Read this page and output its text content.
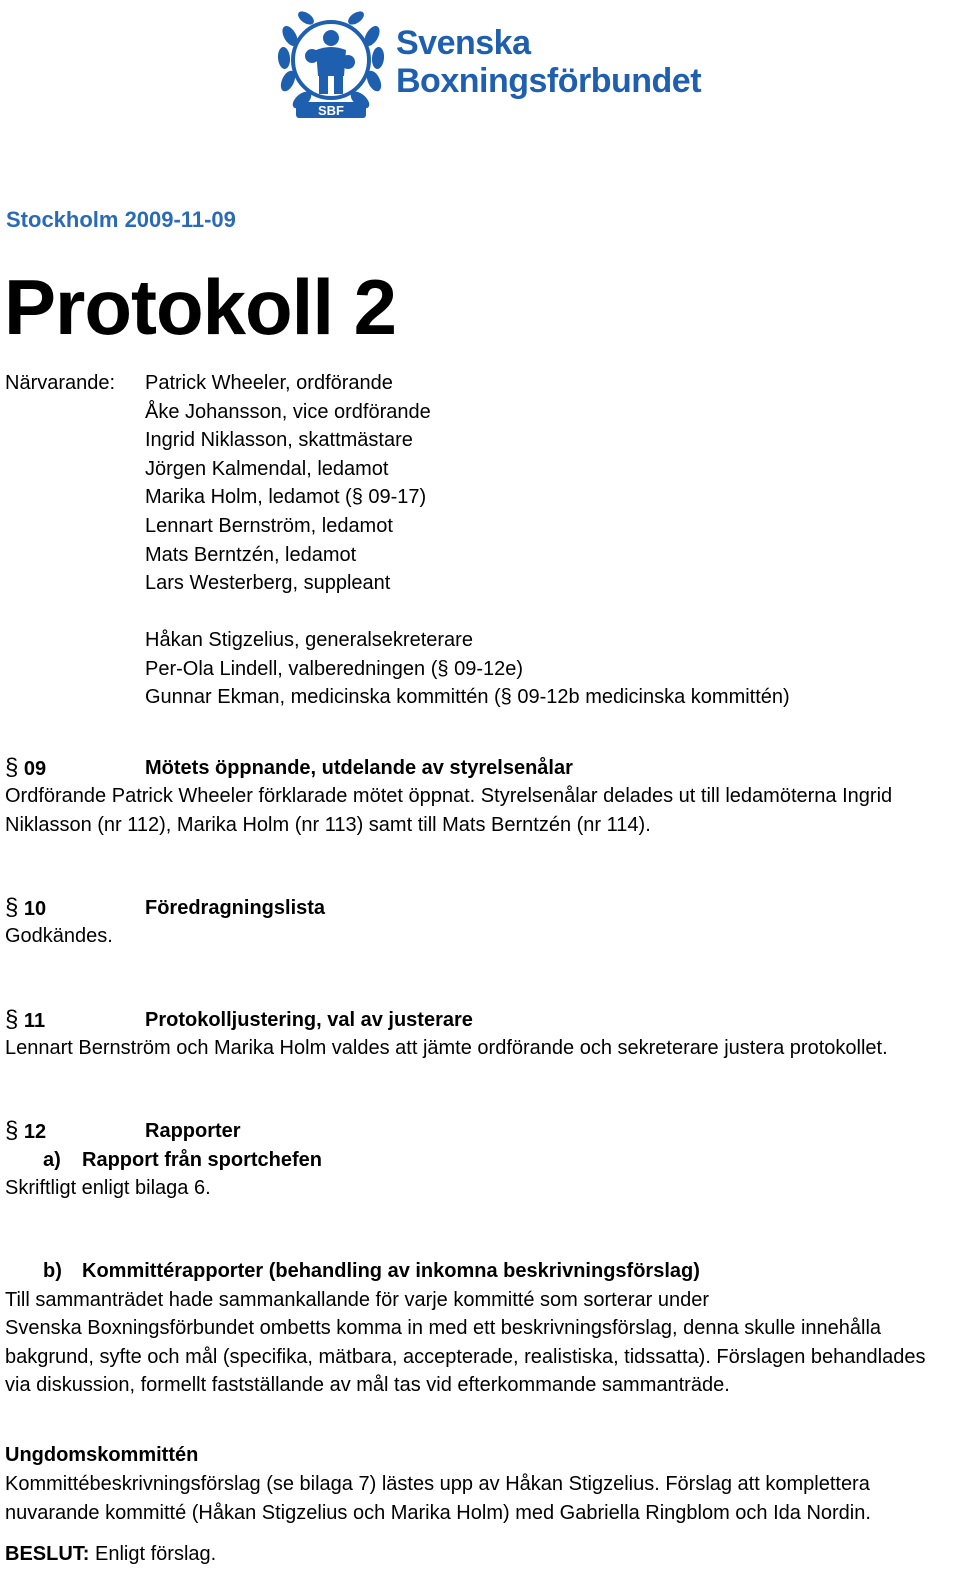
SBF
Svenska
Boxningsförbundet
Stockholm 2009-11-09
Protokoll 2
Närvarande: Patrick Wheeler, ordförande
Åke Johansson, vice ordförande
Ingrid Niklasson, skattmästare
Jörgen Kalmendal, ledamot
Marika Holm, ledamot (§ 09-17)
Lennart Bernström, ledamot
Mats Berntzén, ledamot
Lars Westerberg, suppleant
Håkan Stigzelius, generalsekreterare
Per-Ola Lindell, valberedningen (§ 09-12e)
Gunnar Ekman, medicinska kommittén (§ 09-12b medicinska kommittén)
§ 09	Mötets öppnande, utdelande av styrelsenålar
Ordförande Patrick Wheeler förklarade mötet öppnat. Styrelsenålar delades ut till ledamöterna Ingrid Niklasson (nr 112), Marika Holm (nr 113) samt till Mats Berntzén (nr 114).
§ 10	Föredragningslista
Godkändes.
§ 11	Protokolljustering, val av justerare
Lennart Bernström och Marika Holm valdes att jämte ordförande och sekreterare justera protokollet.
§ 12	Rapporter
a) Rapport från sportchefen
Skriftligt enligt bilaga 6.
b) Kommittérapporter (behandling av inkomna beskrivningsförslag)
Till sammanträdet hade sammankallande för varje kommitté som sorterar under
Svenska Boxningsförbundet ombetts komma in med ett beskrivningsförslag, denna skulle innehålla bakgrund, syfte och mål (specifika, mätbara, accepterade, realistiska, tidssatta). Förslagen behandlades via diskussion, formellt fastställande av mål tas vid efterkommande sammanträde.
Ungdomskommittén
Kommittébeskrivningsförslag (se bilaga 7) lästes upp av Håkan Stigzelius. Förslag att komplettera nuvarande kommitté (Håkan Stigzelius och Marika Holm) med Gabriella Ringblom och Ida Nordin.
BESLUT: Enligt förslag.
